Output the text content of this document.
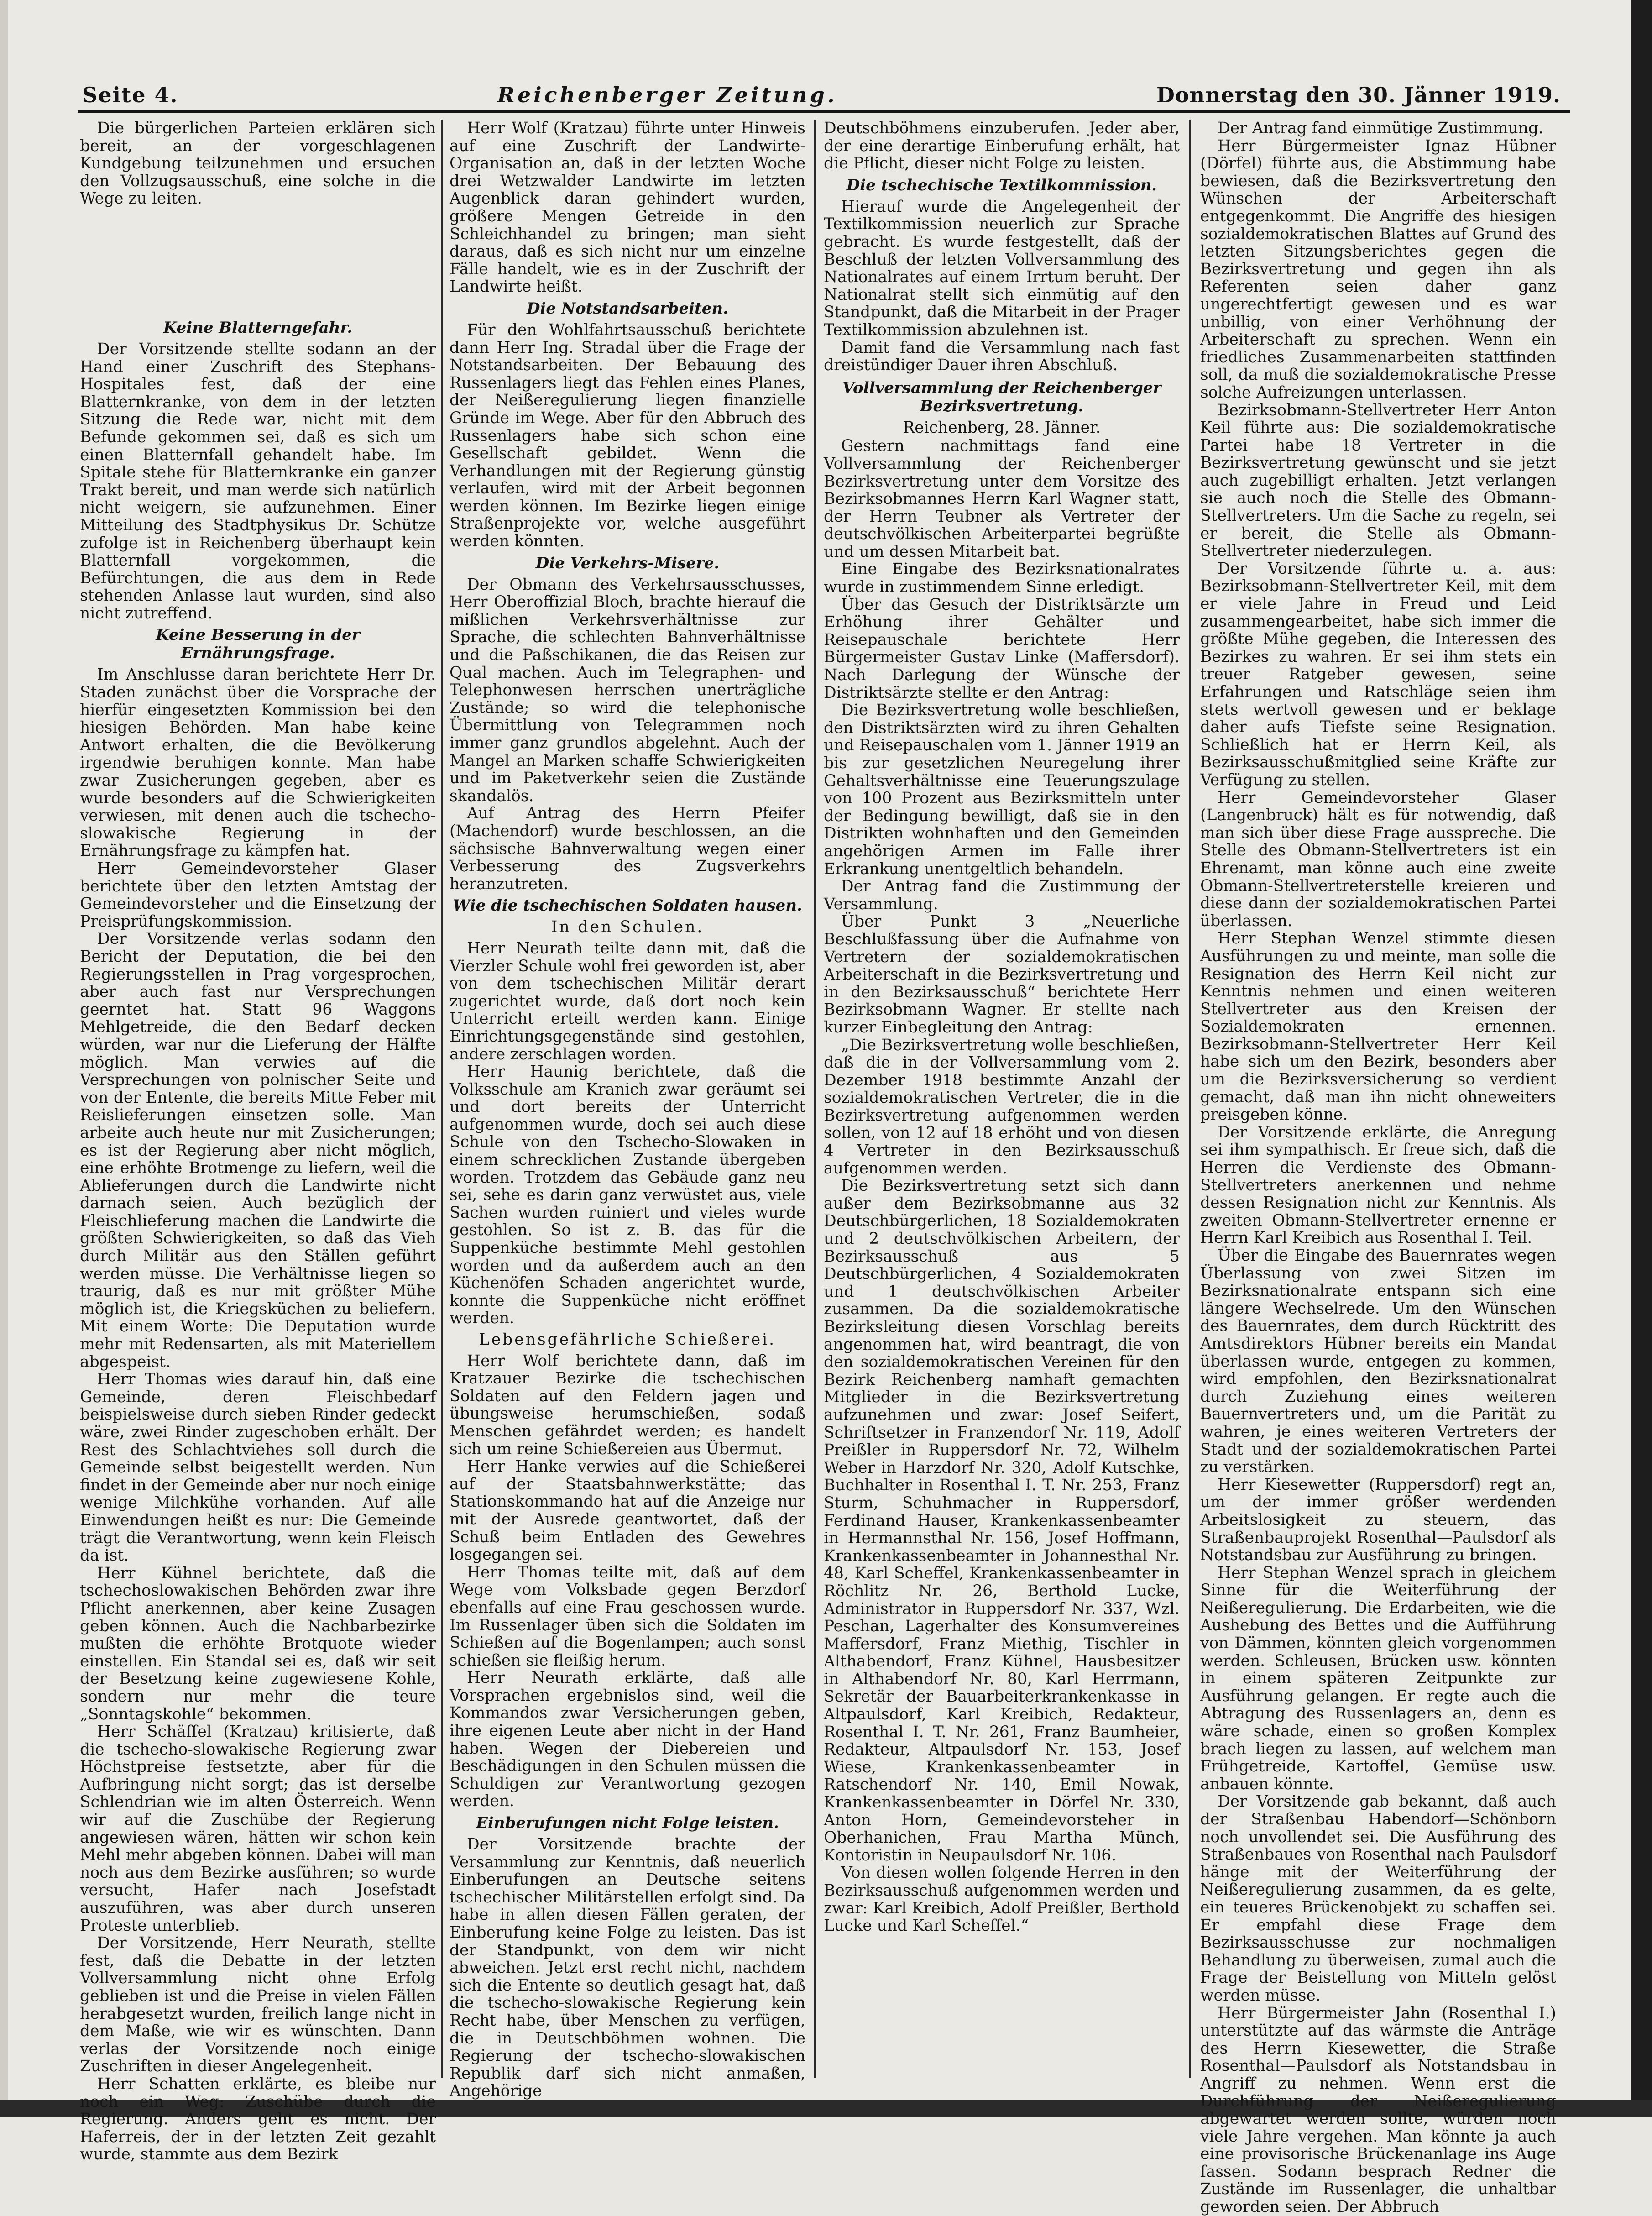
Seite 4.	Reichenberger Zeitung.	Donnerstag den 30. Jänner 1919.

Die bürgerlichen Parteien erklären sich bereit, an der vorgeschlagenen Kundgebung teilzunehmen und ersuchen den Vollzugsausschuß, eine solche in die Wege zu leiten.

Keine Blatterngefahr.

Der Vorsitzende stellte sodann an der Hand einer Zuschrift des Stephans-Hospitales fest, daß der eine Blatternkranke, von dem in der letzten Sitzung die Rede war, nicht mit dem Befunde gekommen sei, daß es sich um einen Blatternfall gehandelt habe. Im Spitale stehe für Blatternkranke ein ganzer Trakt bereit, und man werde sich natürlich nicht weigern, sie aufzunehmen. Einer Mitteilung des Stadtphysikus Dr. Schütze zufolge ist in Reichenberg überhaupt kein Blatternfall vorgekommen, die Befürchtungen, die aus dem in Rede stehenden Anlasse laut wurden, sind also nicht zutreffend.

Keine Besserung in der Ernährungsfrage.

Im Anschlusse daran berichtete Herr Dr. Staden zunächst über die Vorsprache der hierfür eingesetzten Kommission bei den hiesigen Behörden. Man habe keine Antwort erhalten, die die Bevölkerung irgendwie beruhigen konnte. Man habe zwar Zusicherungen gegeben, aber es wurde besonders auf die Schwierigkeiten verwiesen, mit denen auch die tschecho-slowakische Regierung in der Ernährungsfrage zu kämpfen hat.

Herr Gemeindevorsteher Glaser berichtete über den letzten Amtstag der Gemeindevorsteher und die Einsetzung der Preisprüfungskommission.

Der Vorsitzende verlas sodann den Bericht der Deputation, die bei den Regierungsstellen in Prag vorgesprochen, aber auch fast nur Versprechungen geerntet hat. Statt 96 Waggons Mehlgetreide, die den Bedarf decken würden, war nur die Lieferung der Hälfte möglich. Man verwies auf die Versprechungen von polnischer Seite und von der Entente, die bereits Mitte Feber mit Reislieferungen einsetzen solle. Man arbeite auch heute nur mit Zusicherungen; es ist der Regierung aber nicht möglich, eine erhöhte Brotmenge zu liefern, weil die Ablieferungen durch die Landwirte nicht darnach seien. Auch bezüglich der Fleischlieferung machen die Landwirte die größten Schwierigkeiten, so daß das Vieh durch Militär aus den Ställen geführt werden müsse. Die Verhältnisse liegen so traurig, daß es nur mit größter Mühe möglich ist, die Kriegsküchen zu beliefern. Mit einem Worte: Die Deputation wurde mehr mit Redensarten, als mit Materiellem abgespeist.

Herr Thomas wies darauf hin, daß eine Gemeinde, deren Fleischbedarf beispielsweise durch sieben Rinder gedeckt wäre, zwei Rinder zugeschoben erhält. Der Rest des Schlachtviehes soll durch die Gemeinde selbst beigestellt werden. Nun findet in der Gemeinde aber nur noch einige wenige Milchkühe vorhanden. Auf alle Einwendungen heißt es nur: Die Gemeinde trägt die Verantwortung, wenn kein Fleisch da ist.

Herr Kühnel berichtete, daß die tschechoslowakischen Behörden zwar ihre Pflicht anerkennen, aber keine Zusagen geben können. Auch die Nachbarbezirke mußten die erhöhte Brotquote wieder einstellen. Ein Standal sei es, daß wir seit der Besetzung keine zugewiesene Kohle, sondern nur mehr die teure „Sonntagskohle“ bekommen.

Herr Schäffel (Kratzau) kritisierte, daß die tschecho-slowakische Regierung zwar Höchstpreise festsetzte, aber für die Aufbringung nicht sorgt; das ist derselbe Schlendrian wie im alten Österreich. Wenn wir auf die Zuschübe der Regierung angewiesen wären, hätten wir schon kein Mehl mehr abgeben können. Dabei will man noch aus dem Bezirke ausführen; so wurde versucht, Hafer nach Josefstadt auszuführen, was aber durch unseren Proteste unterblieb.

Der Vorsitzende, Herr Neurath, stellte fest, daß die Debatte in der letzten Vollversammlung nicht ohne Erfolg geblieben ist und die Preise in vielen Fällen herabgesetzt wurden, freilich lange nicht in dem Maße, wie wir es wünschten. Dann verlas der Vorsitzende noch einige Zuschriften in dieser Angelegenheit.

Herr Schatten erklärte, es bleibe nur noch ein Weg: Zuschübe durch die Regierung. Anders geht es nicht. Der Haferreis, der in der letzten Zeit gezahlt wurde, stammte aus dem Bezirk

Herr Wolf (Kratzau) führte unter Hinweis auf eine Zuschrift der Landwirte-Organisation an, daß in der letzten Woche drei Wetzwalder Landwirte im letzten Augenblick daran gehindert wurden, größere Mengen Getreide in den Schleichhandel zu bringen; man sieht daraus, daß es sich nicht nur um einzelne Fälle handelt, wie es in der Zuschrift der Landwirte heißt.

Die Notstandsarbeiten.

Für den Wohlfahrtsausschuß berichtete dann Herr Ing. Stradal über die Frage der Notstandsarbeiten. Der Bebauung des Russenlagers liegt das Fehlen eines Planes, der Neißeregulierung liegen finanzielle Gründe im Wege. Aber für den Abbruch des Russenlagers habe sich schon eine Gesellschaft gebildet. Wenn die Verhandlungen mit der Regierung günstig verlaufen, wird mit der Arbeit begonnen werden können. Im Bezirke liegen einige Straßenprojekte vor, welche ausgeführt werden könnten.

Die Verkehrs-Misere.

Der Obmann des Verkehrsausschusses, Herr Oberoffizial Bloch, brachte hierauf die mißlichen Verkehrsverhältnisse zur Sprache, die schlechten Bahnverhältnisse und die Paßschikanen, die das Reisen zur Qual machen. Auch im Telegraphen- und Telephonwesen herrschen unerträgliche Zustände; so wird die telephonische Übermittlung von Telegrammen noch immer ganz grundlos abgelehnt. Auch der Mangel an Marken schaffe Schwierigkeiten und im Paketverkehr seien die Zustände skandalös.

Auf Antrag des Herrn Pfeifer (Machendorf) wurde beschlossen, an die sächsische Bahnverwaltung wegen einer Verbesserung des Zugsverkehrs heranzutreten.

Wie die tschechischen Soldaten hausen.

In den Schulen.

Herr Neurath teilte dann mit, daß die Vierzler Schule wohl frei geworden ist, aber von dem tschechischen Militär derart zugerichtet wurde, daß dort noch kein Unterricht erteilt werden kann. Einige Einrichtungsgegenstände sind gestohlen, andere zerschlagen worden.

Herr Haunig berichtete, daß die Volksschule am Kranich zwar geräumt sei und dort bereits der Unterricht aufgenommen wurde, doch sei auch diese Schule von den Tschecho-Slowaken in einem schrecklichen Zustande übergeben worden. Trotzdem das Gebäude ganz neu sei, sehe es darin ganz verwüstet aus, viele Sachen wurden ruiniert und vieles wurde gestohlen. So ist z. B. das für die Suppenküche bestimmte Mehl gestohlen worden und da außerdem auch an den Küchenöfen Schaden angerichtet wurde, konnte die Suppenküche nicht eröffnet werden.

Lebensgefährliche Schießerei.

Herr Wolf berichtete dann, daß im Kratzauer Bezirke die tschechischen Soldaten auf den Feldern jagen und übungsweise herumschießen, sodaß Menschen gefährdet werden; es handelt sich um reine Schießereien aus Übermut.

Herr Hanke verwies auf die Schießerei auf der Staatsbahnwerkstätte; das Stationskommando hat auf die Anzeige nur mit der Ausrede geantwortet, daß der Schuß beim Entladen des Gewehres losgegangen sei.

Herr Thomas teilte mit, daß auf dem Wege vom Volksbade gegen Berzdorf ebenfalls auf eine Frau geschossen wurde. Im Russenlager üben sich die Soldaten im Schießen auf die Bogenlampen; auch sonst schießen sie fleißig herum.

Herr Neurath erklärte, daß alle Vorsprachen ergebnislos sind, weil die Kommandos zwar Versicherungen geben, ihre eigenen Leute aber nicht in der Hand haben. Wegen der Diebereien und Beschädigungen in den Schulen müssen die Schuldigen zur Verantwortung gezogen werden.

Einberufungen nicht Folge leisten.

Der Vorsitzende brachte der Versammlung zur Kenntnis, daß neuerlich Einberufungen an Deutsche seitens tschechischer Militärstellen erfolgt sind. Da habe in allen diesen Fällen geraten, der Einberufung keine Folge zu leisten. Das ist der Standpunkt, von dem wir nicht abweichen. Jetzt erst recht nicht, nachdem sich die Entente so deutlich gesagt hat, daß die tschecho-slowakische Regierung kein Recht habe, über Menschen zu verfügen, die in Deutschböhmen wohnen. Die Regierung der tschecho-slowakischen Republik darf sich nicht anmaßen, Angehörige

Deutschböhmens einzuberufen. Jeder aber, der eine derartige Einberufung erhält, hat die Pflicht, dieser nicht Folge zu leisten.

Die tschechische Textilkommission.

Hierauf wurde die Angelegenheit der Textilkommission neuerlich zur Sprache gebracht. Es wurde festgestellt, daß der Beschluß der letzten Vollversammlung des Nationalrates auf einem Irrtum beruht. Der Nationalrat stellt sich einmütig auf den Standpunkt, daß die Mitarbeit in der Prager Textilkommission abzulehnen ist.

Damit fand die Versammlung nach fast dreistündiger Dauer ihren Abschluß.

Vollversammlung der Reichenberger Bezirksvertretung.

Reichenberg, 28. Jänner.

Gestern nachmittags fand eine Vollversammlung der Reichenberger Bezirksvertretung unter dem Vorsitze des Bezirksobmannes Herrn Karl Wagner statt, der Herrn Teubner als Vertreter der deutschvölkischen Arbeiterpartei begrüßte und um dessen Mitarbeit bat.

Eine Eingabe des Bezirksnationalrates wurde in zustimmendem Sinne erledigt.

Über das Gesuch der Distriktsärzte um Erhöhung ihrer Gehälter und Reisepauschale berichtete Herr Bürgermeister Gustav Linke (Maffersdorf). Nach Darlegung der Wünsche der Distriktsärzte stellte er den Antrag:

Die Bezirksvertretung wolle beschließen, den Distriktsärzten wird zu ihren Gehalten und Reisepauschalen vom 1. Jänner 1919 an bis zur gesetzlichen Neuregelung ihrer Gehaltsverhältnisse eine Teuerungszulage von 100 Prozent aus Bezirksmitteln unter der Bedingung bewilligt, daß sie in den Distrikten wohnhaften und den Gemeinden angehörigen Armen im Falle ihrer Erkrankung unentgeltlich behandeln.

Der Antrag fand die Zustimmung der Versammlung.

Über Punkt 3 „Neuerliche Beschlußfassung über die Aufnahme von Vertretern der sozialdemokratischen Arbeiterschaft in die Bezirksvertretung und in den Bezirksausschuß“ berichtete Herr Bezirksobmann Wagner. Er stellte nach kurzer Einbegleitung den Antrag:

„Die Bezirksvertretung wolle beschließen, daß die in der Vollversammlung vom 2. Dezember 1918 bestimmte Anzahl der sozialdemokratischen Vertreter, die in die Bezirksvertretung aufgenommen werden sollen, von 12 auf 18 erhöht und von diesen 4 Vertreter in den Bezirksausschuß aufgenommen werden.

Die Bezirksvertretung setzt sich dann außer dem Bezirksobmanne aus 32 Deutschbürgerlichen, 18 Sozialdemokraten und 2 deutschvölkischen Arbeitern, der Bezirksausschuß aus 5 Deutschbürgerlichen, 4 Sozialdemokraten und 1 deutschvölkischen Arbeiter zusammen. Da die sozialdemokratische Bezirksleitung diesen Vorschlag bereits angenommen hat, wird beantragt, die von den sozialdemokratischen Vereinen für den Bezirk Reichenberg namhaft gemachten Mitglieder in die Bezirksvertretung aufzunehmen und zwar: Josef Seifert, Schriftsetzer in Franzendorf Nr. 119, Adolf Preißler in Ruppersdorf Nr. 72, Wilhelm Weber in Harzdorf Nr. 320, Adolf Kutschke, Buchhalter in Rosenthal I. T. Nr. 253, Franz Sturm, Schuhmacher in Ruppersdorf, Ferdinand Hauser, Krankenkassenbeamter in Hermannsthal Nr. 156, Josef Hoffmann, Krankenkassenbeamter in Johannesthal Nr. 48, Karl Scheffel, Krankenkassenbeamter in Röchlitz Nr. 26, Berthold Lucke, Administrator in Ruppersdorf Nr. 337, Wzl. Peschan, Lagerhalter des Konsumvereines Maffersdorf, Franz Miethig, Tischler in Althabendorf, Franz Kühnel, Hausbesitzer in Althabendorf Nr. 80, Karl Herrmann, Sekretär der Bauarbeiterkrankenkasse in Altpaulsdorf, Karl Kreibich, Redakteur, Rosenthal I. T. Nr. 261, Franz Baumheier, Redakteur, Altpaulsdorf Nr. 153, Josef Wiese, Krankenkassenbeamter in Ratschendorf Nr. 140, Emil Nowak, Krankenkassenbeamter in Dörfel Nr. 330, Anton Horn, Gemeindevorsteher in Oberhanichen, Frau Martha Münch, Kontoristin in Neupaulsdorf Nr. 106.

Von diesen wollen folgende Herren in den Bezirksausschuß aufgenommen werden und zwar: Karl Kreibich, Adolf Preißler, Berthold Lucke und Karl Scheffel.“

Der Antrag fand einmütige Zustimmung.

Herr Bürgermeister Ignaz Hübner (Dörfel) führte aus, die Abstimmung habe bewiesen, daß die Bezirksvertretung den Wünschen der Arbeiterschaft entgegenkommt. Die Angriffe des hiesigen sozialdemokratischen Blattes auf Grund des letzten Sitzungsberichtes gegen die Bezirksvertretung und gegen ihn als Referenten seien daher ganz ungerechtfertigt gewesen und es war unbillig, von einer Verhöhnung der Arbeiterschaft zu sprechen. Wenn ein friedliches Zusammenarbeiten stattfinden soll, da muß die sozialdemokratische Presse solche Aufreizungen unterlassen.

Bezirksobmann-Stellvertreter Herr Anton Keil führte aus: Die sozialdemokratische Partei habe 18 Vertreter in die Bezirksvertretung gewünscht und sie jetzt auch zugebilligt erhalten. Jetzt verlangen sie auch noch die Stelle des Obmann-Stellvertreters. Um die Sache zu regeln, sei er bereit, die Stelle als Obmann-Stellvertreter niederzulegen.

Der Vorsitzende führte u. a. aus: Bezirksobmann-Stellvertreter Keil, mit dem er viele Jahre in Freud und Leid zusammengearbeitet, habe sich immer die größte Mühe gegeben, die Interessen des Bezirkes zu wahren. Er sei ihm stets ein treuer Ratgeber gewesen, seine Erfahrungen und Ratschläge seien ihm stets wertvoll gewesen und er beklage daher aufs Tiefste seine Resignation. Schließlich hat er Herrn Keil, als Bezirksausschußmitglied seine Kräfte zur Verfügung zu stellen.

Herr Gemeindevorsteher Glaser (Langenbruck) hält es für notwendig, daß man sich über diese Frage ausspreche. Die Stelle des Obmann-Stellvertreters ist ein Ehrenamt, man könne auch eine zweite Obmann-Stellvertreterstelle kreieren und diese dann der sozialdemokratischen Partei überlassen.

Herr Stephan Wenzel stimmte diesen Ausführungen zu und meinte, man solle die Resignation des Herrn Keil nicht zur Kenntnis nehmen und einen weiteren Stellvertreter aus den Kreisen der Sozialdemokraten ernennen. Bezirksobmann-Stellvertreter Herr Keil habe sich um den Bezirk, besonders aber um die Bezirksversicherung so verdient gemacht, daß man ihn nicht ohneweiters preisgeben könne.

Der Vorsitzende erklärte, die Anregung sei ihm sympathisch. Er freue sich, daß die Herren die Verdienste des Obmann-Stellvertreters anerkennen und nehme dessen Resignation nicht zur Kenntnis. Als zweiten Obmann-Stellvertreter ernenne er Herrn Karl Kreibich aus Rosenthal I. Teil.

Über die Eingabe des Bauernrates wegen Überlassung von zwei Sitzen im Bezirksnationalrate entspann sich eine längere Wechselrede. Um den Wünschen des Bauernrates, dem durch Rücktritt des Amtsdirektors Hübner bereits ein Mandat überlassen wurde, entgegen zu kommen, wird empfohlen, den Bezirksnationalrat durch Zuziehung eines weiteren Bauernvertreters und, um die Parität zu wahren, je eines weiteren Vertreters der Stadt und der sozialdemokratischen Partei zu verstärken.

Herr Kiesewetter (Ruppersdorf) regt an, um der immer größer werdenden Arbeitslosigkeit zu steuern, das Straßenbauprojekt Rosenthal—Paulsdorf als Notstandsbau zur Ausführung zu bringen.

Herr Stephan Wenzel sprach in gleichem Sinne für die Weiterführung der Neißeregulierung. Die Erdarbeiten, wie die Aushebung des Bettes und die Aufführung von Dämmen, könnten gleich vorgenommen werden. Schleusen, Brücken usw. könnten in einem späteren Zeitpunkte zur Ausführung gelangen. Er regte auch die Abtragung des Russenlagers an, denn es wäre schade, einen so großen Komplex brach liegen zu lassen, auf welchem man Frühgetreide, Kartoffel, Gemüse usw. anbauen könnte.

Der Vorsitzende gab bekannt, daß auch der Straßenbau Habendorf—Schönborn noch unvollendet sei. Die Ausführung des Straßenbaues von Rosenthal nach Paulsdorf hänge mit der Weiterführung der Neißeregulierung zusammen, da es gelte, ein teueres Brückenobjekt zu schaffen sei. Er empfahl diese Frage dem Bezirksausschusse zur nochmaligen Behandlung zu überweisen, zumal auch die Frage der Beistellung von Mitteln gelöst werden müsse.

Herr Bürgermeister Jahn (Rosenthal I.) unterstützte auf das wärmste die Anträge des Herrn Kiesewetter, die Straße Rosenthal—Paulsdorf als Notstandsbau in Angriff zu nehmen. Wenn erst die Durchführung der Neißeregulierung abgewartet werden sollte, würden noch viele Jahre vergehen. Man könnte ja auch eine provisorische Brückenanlage ins Auge fassen. Sodann besprach Redner die Zustände im Russenlager, die unhaltbar geworden seien. Der Abbruch
